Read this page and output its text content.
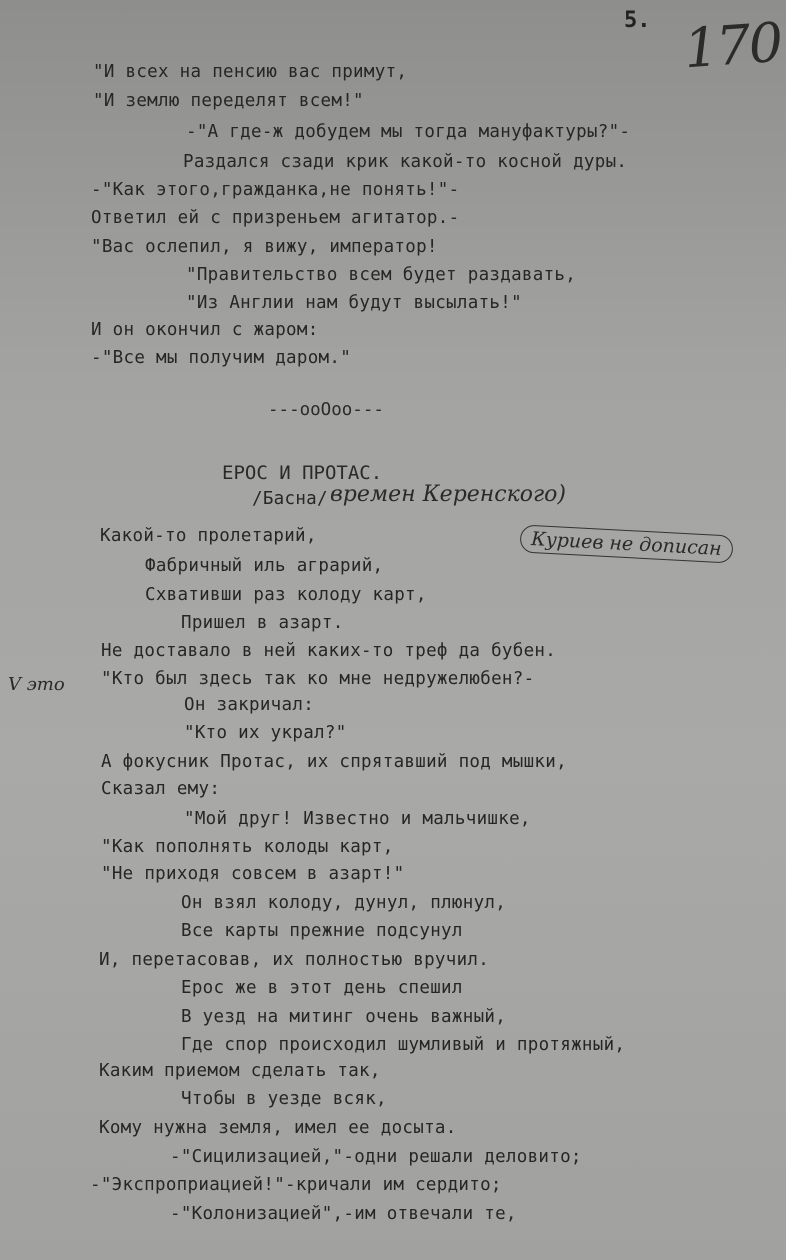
5. 170
"И всех на пенсию вас примут,
"И землю переделят всем!"
-"А где-ж добудем мы тогда мануфактуры?"-
Раздался сзади крик какой-то косной дуры.
-"Как этого,гражданка,не понять!"-
Ответил ей с призреньем агитатор.-
"Вас ослепил, я вижу, император!
"Правительство всем будет раздавать,
"Из Англии нам будут высылать!"
И он окончил с жаром:
-"Все мы получим даром."
---ooOoo---
ЕРОС И ПРОТАС.
/Басна/ времен Керенского)
Куриев не дописан
V это
Какой-то пролетарий,
Фабричный иль аграрий,
Схвативши раз колоду карт,
Пришел в азарт.
Не доставало в ней каких-то треф да бубен.
"Кто был здесь так ко мне недружелюбен?-
Он закричал:
"Кто их украл?"
А фокусник Протас, их спрятавший под мышки,
Сказал ему:
"Мой друг! Известно и мальчишке,
"Как пополнять колоды карт,
"Не приходя совсем в азарт!"
Он взял колоду, дунул, плюнул,
Все карты прежние подсунул
И, перетасовав, их полностью вручил.
Ерос же в этот день спешил
В уезд на митинг очень важный,
Где спор происходил шумливый и протяжный,
Каким приемом сделать так,
Чтобы в уезде всяк,
Кому нужна земля, имел ее досыта.
-"Сицилизацией,"-одни решали деловито;
-"Экспроприацией!"-кричали им сердито;
-"Колонизацией",-им отвечали те,
